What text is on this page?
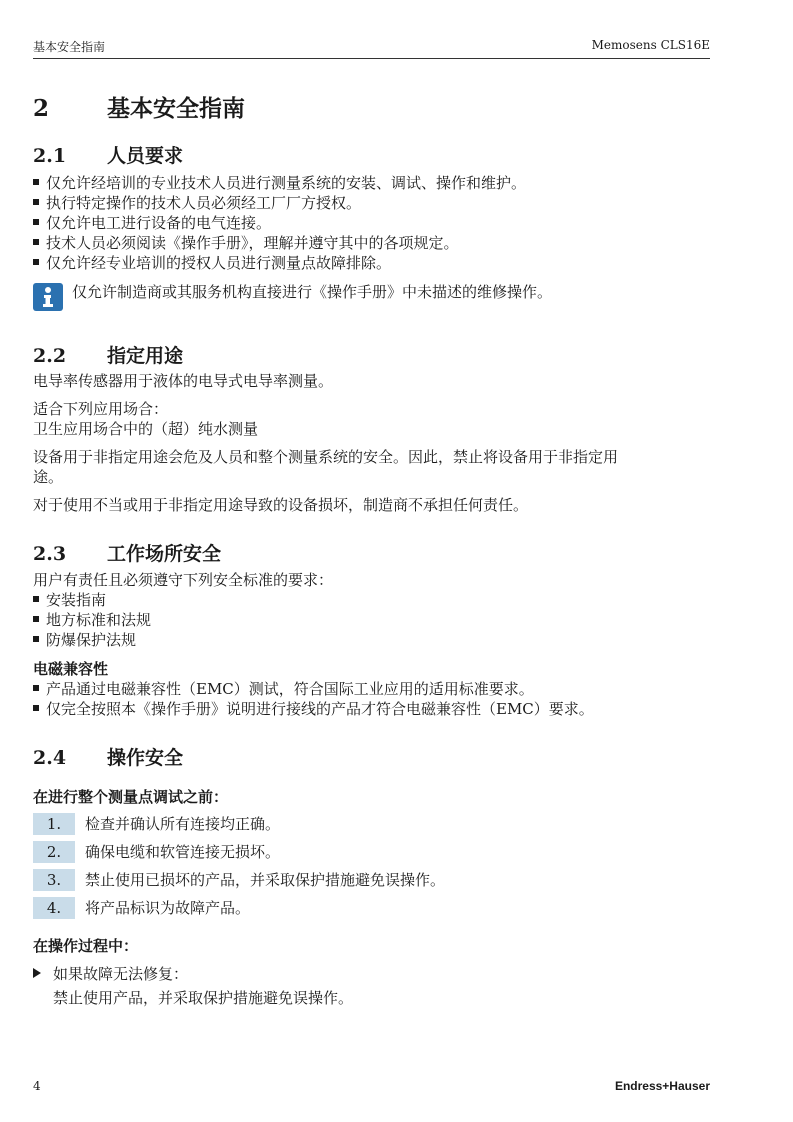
基本安全指南	Memosens CLS16E
2	基本安全指南
2.1 人员要求
仅允许经培训的专业技术人员进行测量系统的安装、调试、操作和维护。
执行特定操作的技术人员必须经工厂厂方授权。
仅允许电工进行设备的电气连接。
技术人员必须阅读《操作手册》，理解并遵守其中的各项规定。
仅允许经专业培训的授权人员进行测量点故障排除。
仅允许制造商或其服务机构直接进行《操作手册》中未描述的维修操作。
2.2 指定用途
电导率传感器用于液体的电导式电导率测量。
适合下列应用场合：
卫生应用场合中的（超）纯水测量
设备用于非指定用途会危及人员和整个测量系统的安全。因此，禁止将设备用于非指定用
途。
对于使用不当或用于非指定用途导致的设备损坏，制造商不承担任何责任。
2.3 工作场所安全
用户有责任且必须遵守下列安全标准的要求：
安装指南
地方标准和法规
防爆保护法规
电磁兼容性
产品通过电磁兼容性（EMC）测试，符合国际工业应用的适用标准要求。
仅完全按照本《操作手册》说明进行接线的产品才符合电磁兼容性（EMC）要求。
2.4 操作安全
在进行整个测量点调试之前：
1. 检查并确认所有连接均正确。
2. 确保电缆和软管连接无损坏。
3. 禁止使用已损坏的产品，并采取保护措施避免误操作。
4. 将产品标识为故障产品。
在操作过程中：
如果故障无法修复：
禁止使用产品，并采取保护措施避免误操作。
4	Endress+Hauser
